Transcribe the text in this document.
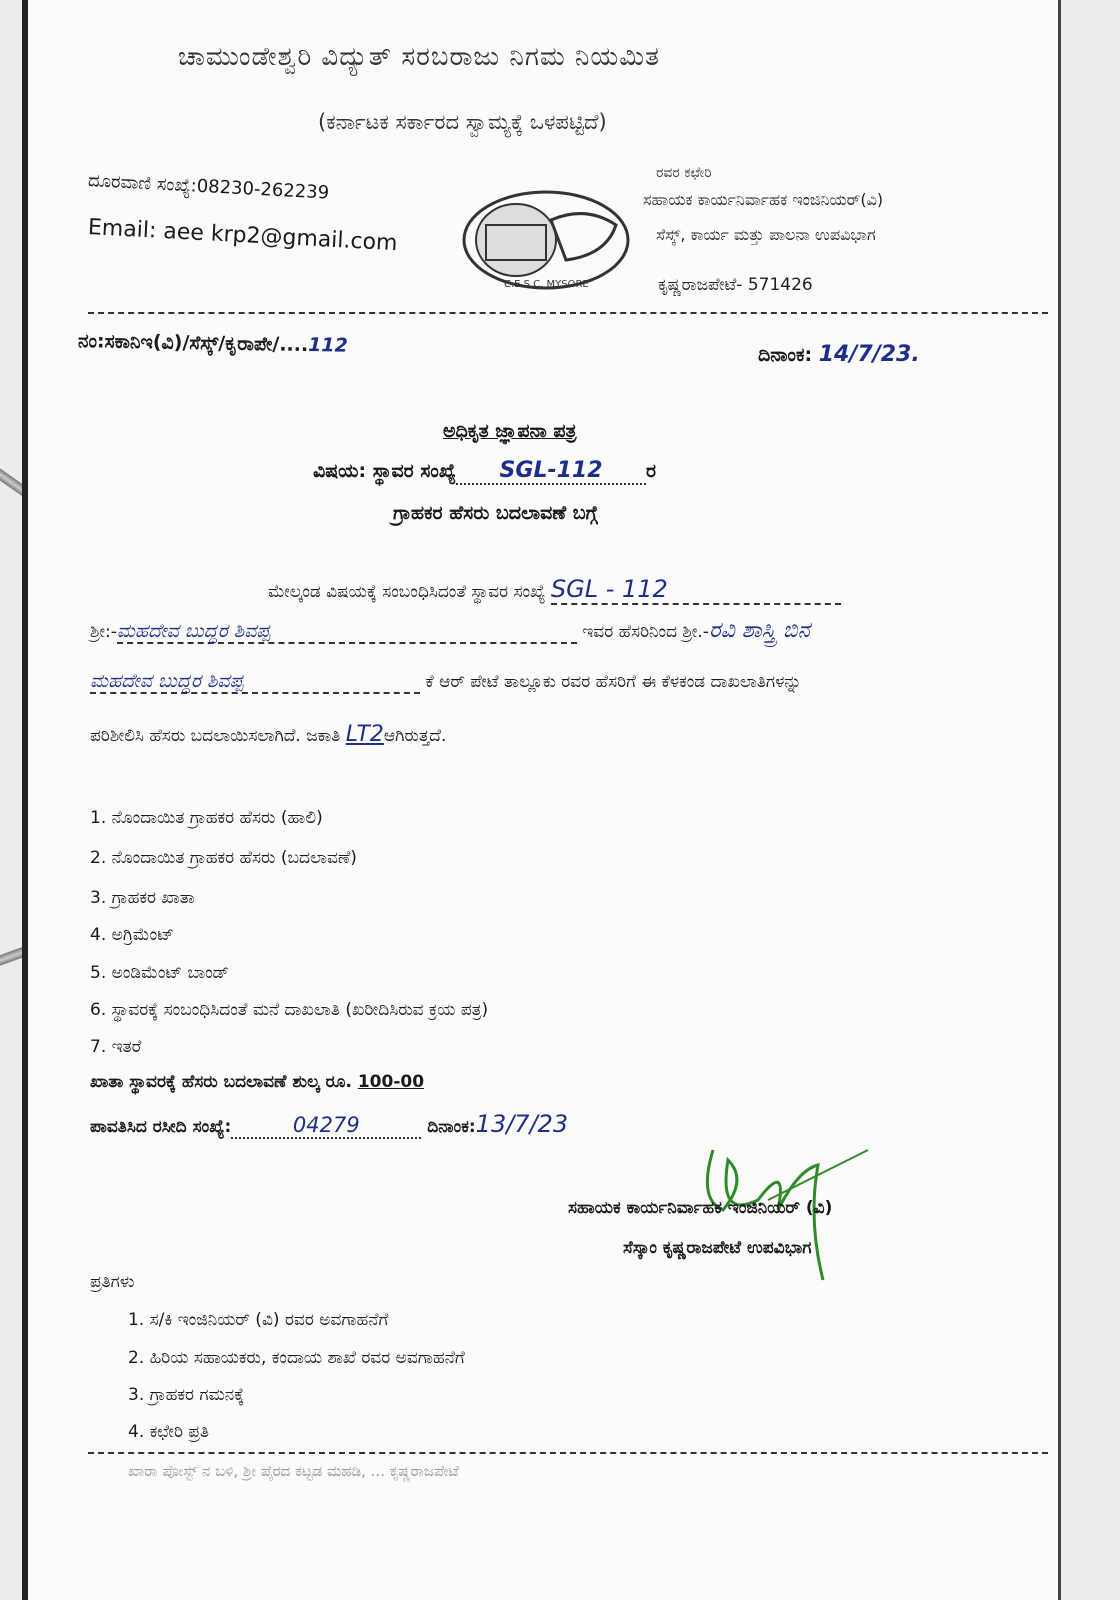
ಚಾಮುಂಡೇಶ್ವರಿ ವಿದ್ಯುತ್ ಸರಬರಾಜು ನಿಗಮ ನಿಯಮಿತ
(ಕರ್ನಾಟಕ ಸರ್ಕಾರದ ಸ್ವಾಮ್ಯಕ್ಕೆ ಒಳಪಟ್ಟಿದೆ)
ದೂರವಾಣಿ ಸಂಖ್ಯೆ:08230-262239
Email: aee krp2@gmail.com
C.E.S.C. MYSORE
ರವರ ಕಛೇರಿ
ಸಹಾಯಕ ಕಾರ್ಯನಿರ್ವಾಹಕ ಇಂಜಿನಿಯರ್(ವಿ)
ಸೆಸ್ಕ್, ಕಾರ್ಯ ಮತ್ತು ಪಾಲನಾ ಉಪವಿಭಾಗ
ಕೃಷ್ಣರಾಜಪೇಟೆ- 571426
ನಂ:ಸಕಾನಿಇ(ವಿ)/ಸೆಸ್ಕ್/ಕೃರಾಪೇ/....112	ದಿನಾಂಕ: 14/7/23.
ಅಧಿಕೃತ ಜ್ಞಾಪನಾ ಪತ್ರ
ವಿಷಯ: ಸ್ಥಾವರ ಸಂಖ್ಯೆ SGL-112 ರ
ಗ್ರಾಹಕರ ಹೆಸರು ಬದಲಾವಣೆ ಬಗ್ಗೆ
ಮೇಲ್ಕಂಡ ವಿಷಯಕ್ಕೆ ಸಂಬಂಧಿಸಿದಂತೆ ಸ್ಥಾವರ ಸಂಖ್ಯೆ SGL - 112
ಶ್ರೀ:-ಮಹದೇವ ಬುದ್ದರ ಶಿವಪ್ಪ	ಇವರ ಹೆಸರಿನಿಂದ ಶ್ರೀ.-ರವಿ ಶಾಸ್ತ್ರಿ ಬಿನ
ಮಹದೇವ ಬುದ್ದರ ಶಿವಪ್ಪ	ಕೆ ಆರ್ ಪೇಟೆ ತಾಲ್ಲೂಕು ರವರ ಹೆಸರಿಗೆ ಈ ಕೆಳಕಂಡ ದಾಖಲಾತಿಗಳನ್ನು
ಪರಿಶೀಲಿಸಿ ಹೆಸರು ಬದಲಾಯಿಸಲಾಗಿದೆ. ಜಕಾತಿ LT2ಆಗಿರುತ್ತದೆ.
1. ನೊಂದಾಯಿತ ಗ್ರಾಹಕರ ಹೆಸರು (ಹಾಲಿ)
2. ನೊಂದಾಯಿತ ಗ್ರಾಹಕರ ಹೆಸರು (ಬದಲಾವಣೆ)
3. ಗ್ರಾಹಕರ ಖಾತಾ
4. ಅಗ್ರಿಮೆಂಟ್
5. ಅಂಡಿಮೆಂಟ್ ಬಾಂಡ್
6. ಸ್ಥಾವರಕ್ಕೆ ಸಂಬಂಧಿಸಿದಂತೆ ಮನೆ ದಾಖಲಾತಿ (ಖರೀದಿಸಿರುವ ಕ್ರಯ ಪತ್ರ)
7. ಇತರೆ
ಖಾತಾ ಸ್ಥಾವರಕ್ಕೆ ಹೆಸರು ಬದಲಾವಣೆ ಶುಲ್ಕ ರೂ. 100-00
ಪಾವತಿಸಿದ ರಸೀದಿ ಸಂಖ್ಯೆ:	04279	ದಿನಾಂಕ:13/7/23
ಸಹಾಯಕ ಕಾರ್ಯನಿರ್ವಾಹಕ ಇಂಜಿನಿಯರ್ (ವಿ)
ಸೆಸ್ಕಾಂ ಕೃಷ್ಣರಾಜಪೇಟೆ ಉಪವಿಭಾಗ
ಪ್ರತಿಗಳು
1. ಸ/ಕಿ ಇಂಜಿನಿಯರ್ (ವಿ) ರವರ ಅವಗಾಹನೆಗೆ
2. ಹಿರಿಯ ಸಹಾಯಕರು, ಕಂದಾಯ ಶಾಖೆ ರವರ ಅವಗಾಹನೆಗೆ
3. ಗ್ರಾಹಕರ ಗಮನಕ್ಕೆ
4. ಕಛೇರಿ ಪ್ರತಿ
ಖಾರಾ ಪೋಸ್ಟ್ ನ ಬಳಿ, ಶ್ರೀ ಪೈರದ ಕಟ್ಟಡ ಮಹಡಿ, ... ಕೃಷ್ಣರಾಜಪೇಟೆ
